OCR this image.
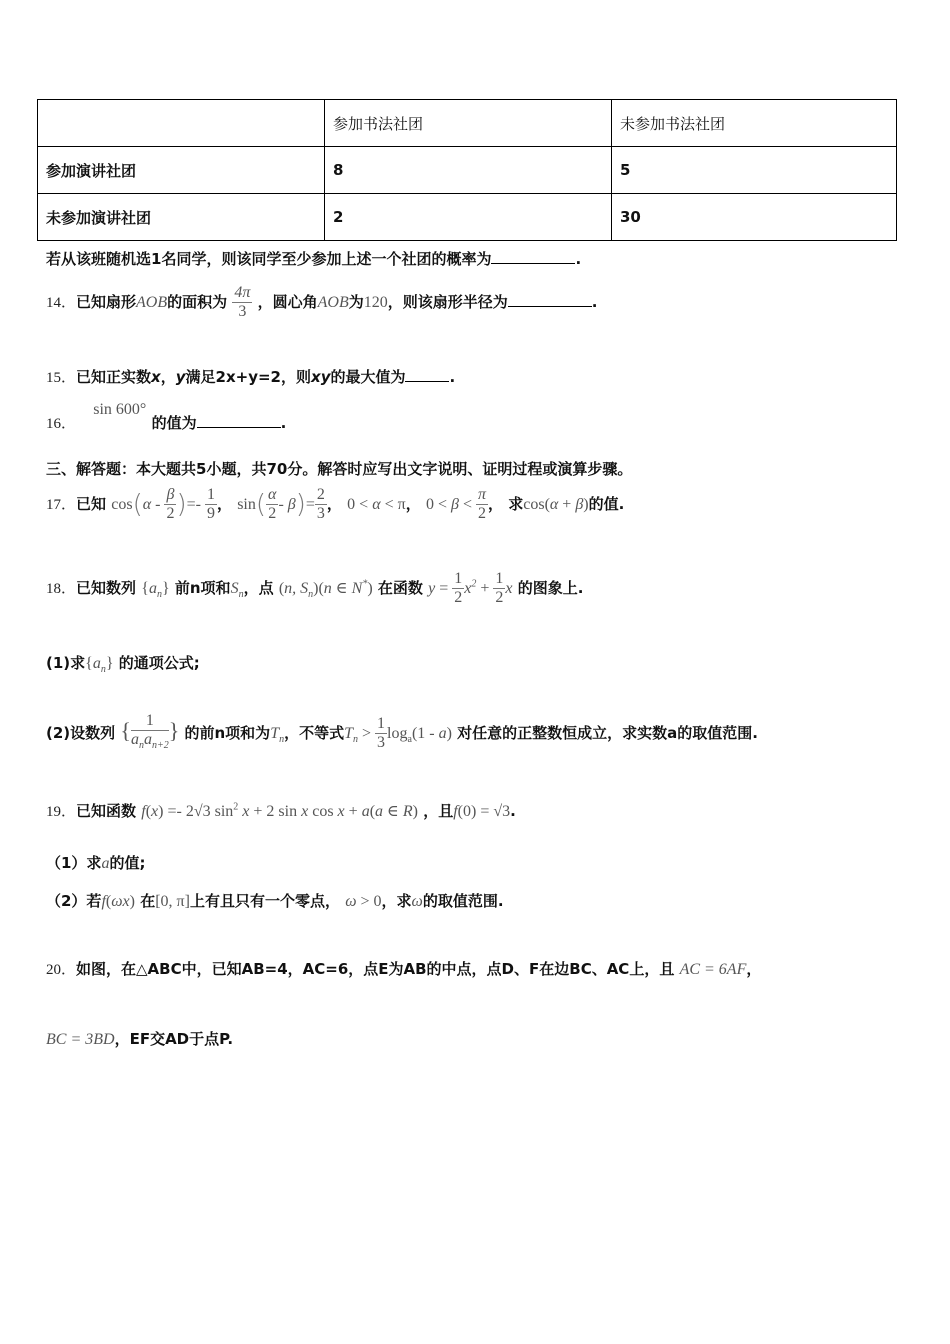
	参加书法社团	未参加书法社团
参加演讲社团	8	5
未参加演讲社团	2	30
若从该班随机选1名同学，则该同学至少参加上述一个社团的概率为	.
14．已知扇形AOB的面积为 $\frac{4\pi}{3}$ ，圆心角AOB为120，则该扇形半径为	.
15．已知正实数x，y满足2x+y=2，则xy的最大值为	.
16． sin 600° 的值为	.
三、解答题：本大题共5小题，共70分。解答时应写出文字说明、证明过程或演算步骤。
17．已知 $\cos(\alpha - \frac{\beta}{2}$ )=- $\frac{1}{9}$ ， $\sin( \frac{\alpha}{2} - \beta)= \frac{2}{3}$ ， 0 < α < π， $0 < \beta < \frac{\pi}{2}$ ， 求cos(α + β)的值.
18．已知数列 $\{a_n\}$ 前n项和$S_n$，点 (n, $S_n)(n$ ∈ N*) 在函数 $y = \frac{1}{2} x^2 + \frac{1}{2}$ x 的图象上.
(1)求$\{a_n\}$ 的通项公式;
(2)设数列 { $\frac{1}{a_na_{n+2}}$ } 的前n项和为$T_n$，不等式$T_n > \frac{1}{3} \log_a(1 - a)$ 对任意的正整数恒成立，求实数a的取值范围.
19．已知函数 f(x) =- 2√3 $\sin^2 x + 2$ sin x cos x + a(a ∈ R) ，且f(0) = √3.
（1）求a的值;
（2）若f(ωx) 在[0, π]上有且只有一个零点， ω > 0，求ω的取值范围.
20．如图，在△ABC中，已知AB=4，AC=6，点E为AB的中点，点D、F在边BC、AC上，且 AC = 6AF，
BC = 3BD，EF交AD于点P.
